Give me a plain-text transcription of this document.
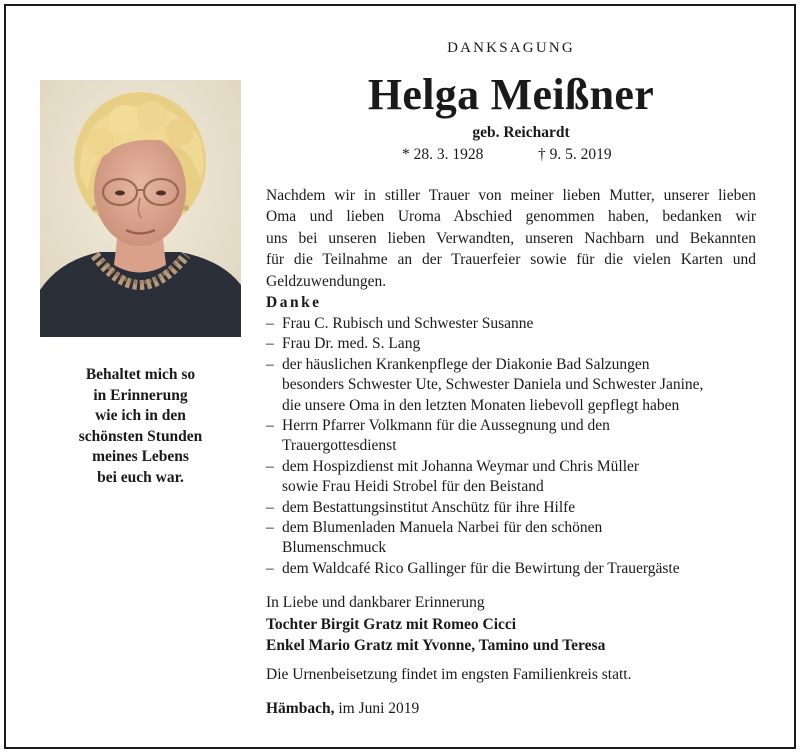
Behaltet mich so
in Erinnerung
wie ich in den
schönsten Stunden
meines Lebens
bei euch war.
DANKSAGUNG
Helga Meißner
geb. Reichardt
* 28. 3. 1928	† 9. 5. 2019
Nachdem wir in stiller Trauer von meiner lieben Mutter, unserer lieben
Oma und lieben Uroma Abschied genommen haben, bedanken wir
uns bei unseren lieben Verwandten, unseren Nachbarn und Bekannten
für die Teilnahme an der Trauerfeier sowie für die vielen Karten und
Geldzuwendungen.
Danke
– Frau C. Rubisch und Schwester Susanne
– Frau Dr. med. S. Lang
– der häuslichen Krankenpflege der Diakonie Bad Salzungen
besonders Schwester Ute, Schwester Daniela und Schwester Janine,
die unsere Oma in den letzten Monaten liebevoll gepflegt haben
– Herrn Pfarrer Volkmann für die Aussegnung und den
Trauergottesdienst
– dem Hospizdienst mit Johanna Weymar und Chris Müller
sowie Frau Heidi Strobel für den Beistand
– dem Bestattungsinstitut Anschütz für ihre Hilfe
– dem Blumenladen Manuela Narbei für den schönen
Blumenschmuck
– dem Waldcafé Rico Gallinger für die Bewirtung der Trauergäste
In Liebe und dankbarer Erinnerung
Tochter Birgit Gratz mit Romeo Cicci
Enkel Mario Gratz mit Yvonne, Tamino und Teresa
Die Urnenbeisetzung findet im engsten Familienkreis statt.
Hämbach, im Juni 2019
